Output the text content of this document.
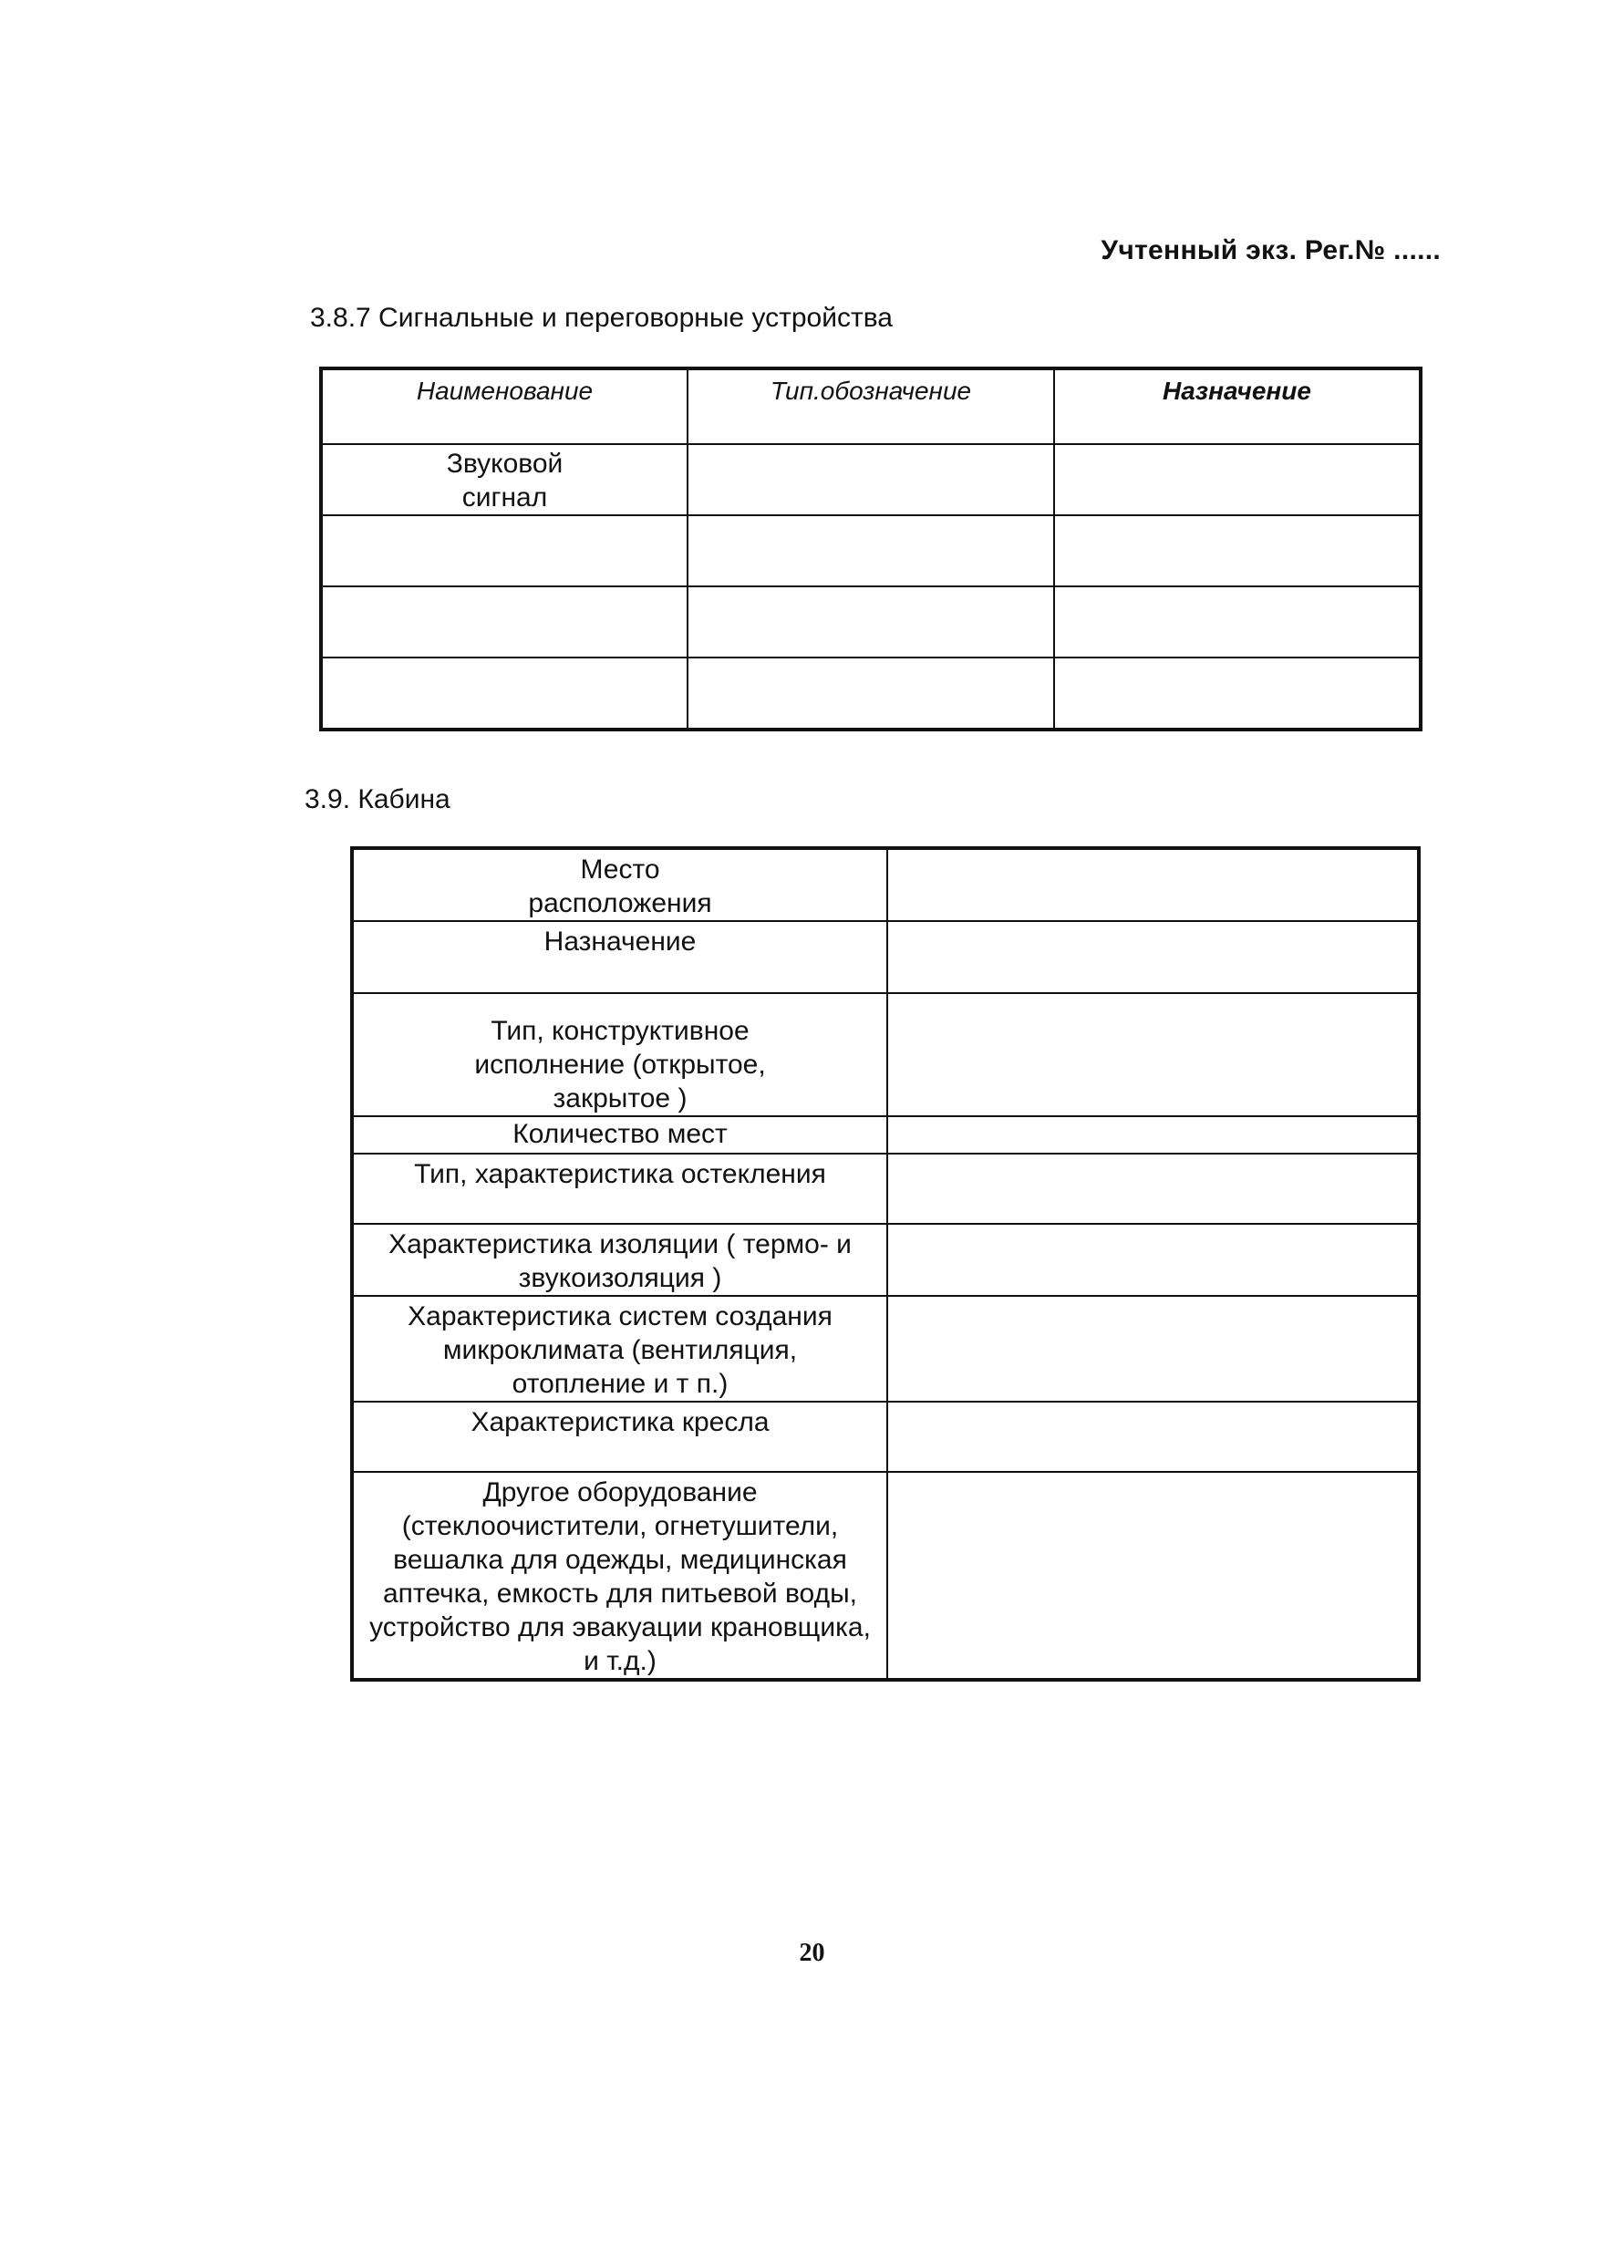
Учтенный экз. Рег.№ ......
3.8.7 Сигнальные и переговорные устройства
Наименование	Тип.обозначение	Назначение
Звуковой сигнал		

3.9. Кабина
Место расположения	
Назначение	
Тип, конструктивное исполнение (открытое, закрытое )	
Количество мест	
Тип, характеристика остекления	
Характеристика изоляции ( термо- и звукоизоляция )	
Характеристика систем создания микроклимата (вентиляция, отопление и т п.)	
Характеристика кресла	
Другое оборудование (стеклоочистители, огнетушители, вешалка для одежды, медицинская аптечка, емкость для питьевой воды, устройство для эвакуации крановщика, и т.д.)	
20
